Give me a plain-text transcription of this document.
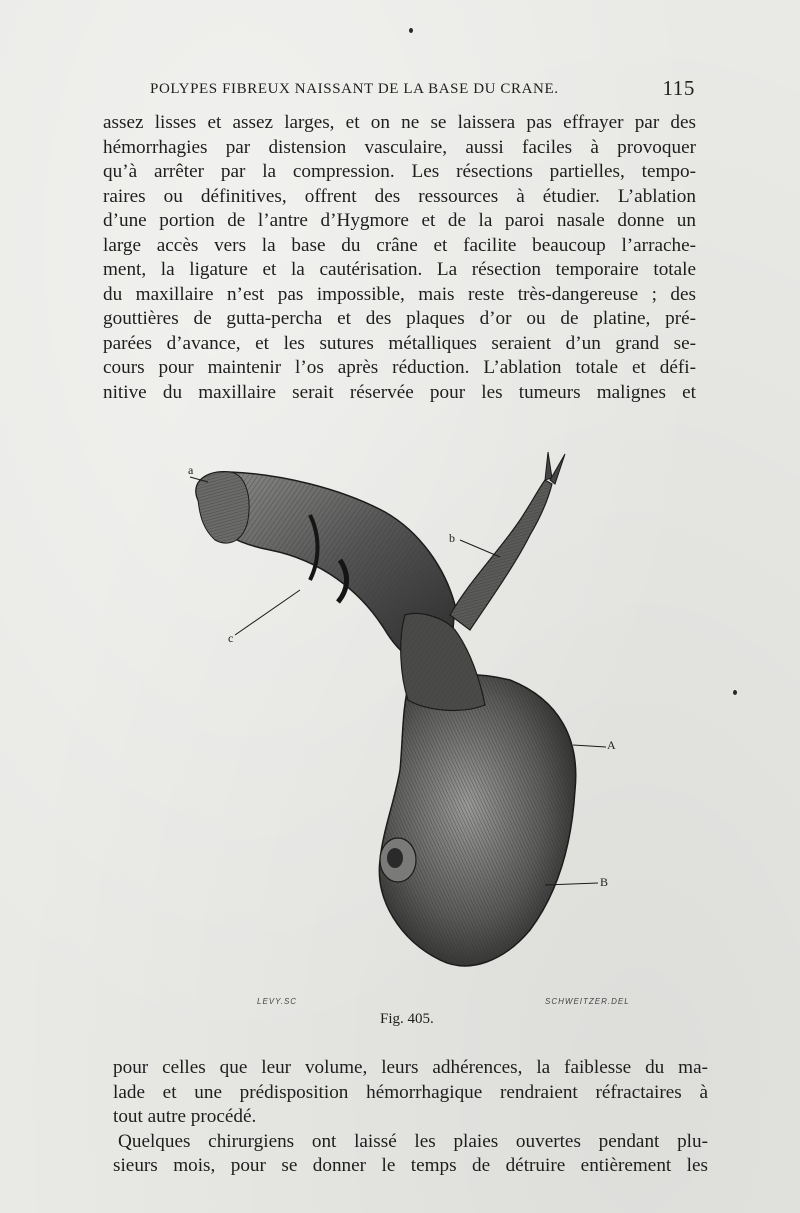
POLYPES FIBREUX NAISSANT DE LA BASE DU CRANE.	115
assez lisses et assez larges, et on ne se laissera pas effrayer par des
hémorrhagies par distension vasculaire, aussi faciles à provoquer
qu’à arrêter par la compression. Les résections partielles, tempo-
raires ou définitives, offrent des ressources à étudier. L’ablation
d’une portion de l’antre d’Hygmore et de la paroi nasale donne un
large accès vers la base du crâne et facilite beaucoup l’arrache-
ment, la ligature et la cautérisation. La résection temporaire totale
du maxillaire n’est pas impossible, mais reste très-dangereuse ; des
gouttières de gutta-percha et des plaques d’or ou de platine, pré-
parées d’avance, et les sutures métalliques seraient d’un grand se-
cours pour maintenir l’os après réduction. L’ablation totale et défi-
nitive du maxillaire serait réservée pour les tumeurs malignes et
a
b
c
A
B
LEVY.SC	SCHWEITZER.DEL
Fig. 405.
pour celles que leur volume, leurs adhérences, la faiblesse du ma-
lade et une prédisposition hémorrhagique rendraient réfractaires à
tout autre procédé.
Quelques chirurgiens ont laissé les plaies ouvertes pendant plu-
sieurs mois, pour se donner le temps de détruire entièrement les
